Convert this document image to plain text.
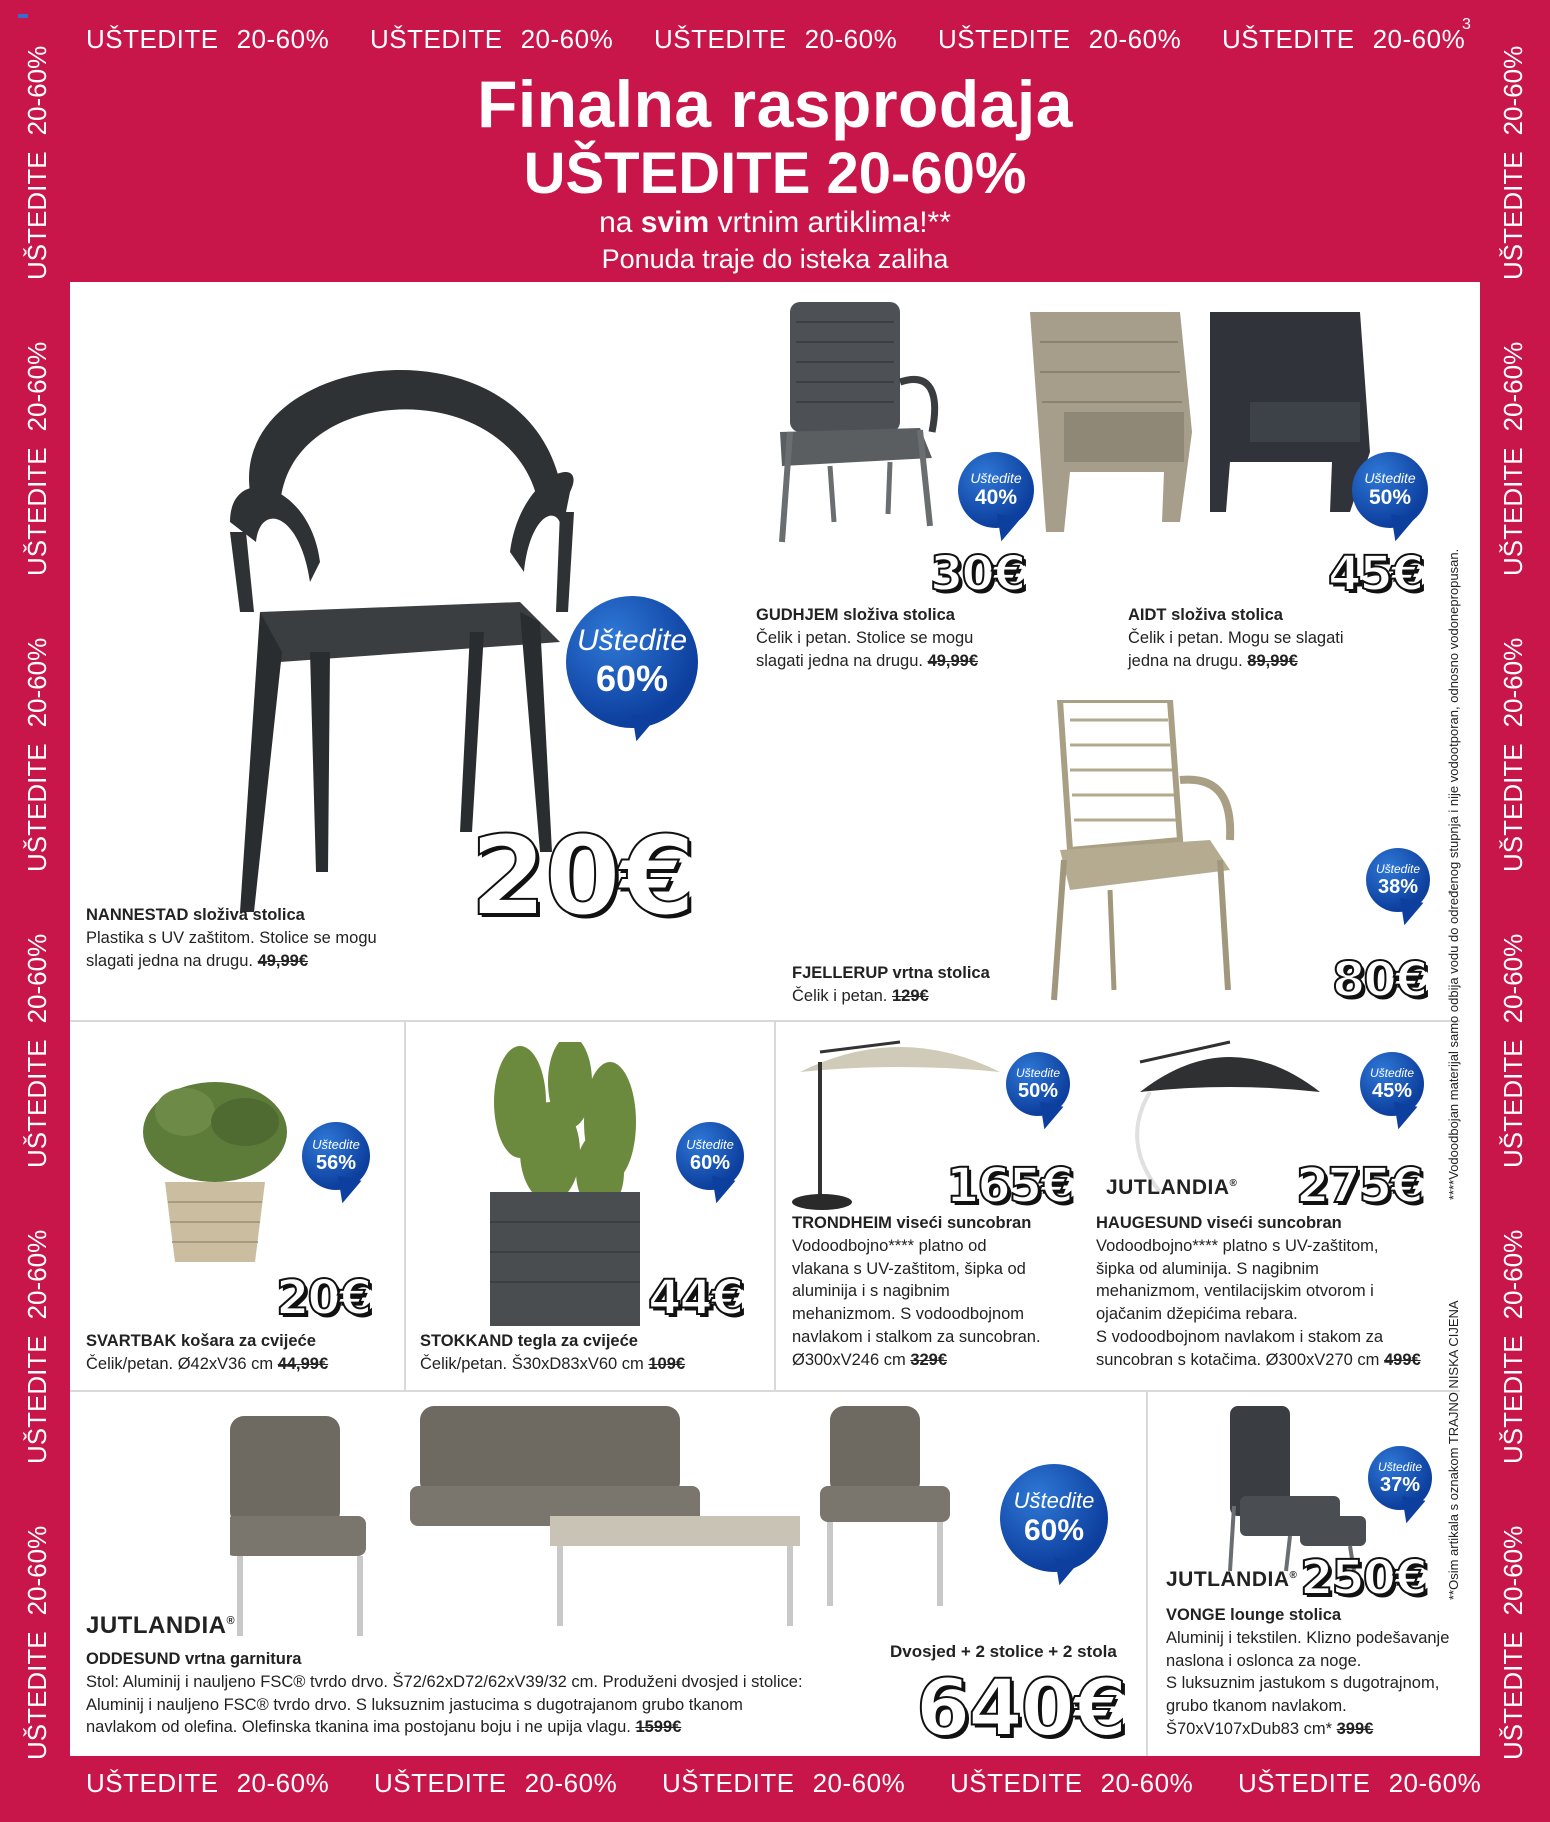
3
UŠTEDITE 20-60% UŠTEDITE 20-60% UŠTEDITE 20-60% UŠTEDITE 20-60% UŠTEDITE 20-60%
UŠTEDITE 20-60% UŠTEDITE 20-60% UŠTEDITE 20-60% UŠTEDITE 20-60% UŠTEDITE 20-60%
UŠTEDITE20-60%
UŠTEDITE20-60%
UŠTEDITE20-60%
UŠTEDITE20-60%
UŠTEDITE20-60%
UŠTEDITE20-60%
UŠTEDITE20-60%
UŠTEDITE20-60%
UŠTEDITE20-60%
UŠTEDITE20-60%
UŠTEDITE20-60%
UŠTEDITE20-60%
Finalna rasprodaja
UŠTEDITE 20-60%
na svim vrtnim artiklima!**
Ponuda traje do isteka zaliha
Uštedite
60%
20€
NANNESTAD složiva stolica
Plastika s UV zaštitom. Stolice se mogu
slagati jedna na drugu. 49,99€
Uštedite
40%
30€
GUDHJEM složiva stolica
Čelik i petan. Stolice se mogu
slagati jedna na drugu. 49,99€
Uštedite
50%
45€
AIDT složiva stolica
Čelik i petan. Mogu se slagati
jedna na drugu. 89,99€
Uštedite
38%
80€
FJELLERUP vrtna stolica
Čelik i petan. 129€
Uštedite
56%
20€
SVARTBAK košara za cvijeće
Čelik/petan. Ø42xV36 cm 44,99€
Uštedite
60%
44€
STOKKAND tegla za cvijeće
Čelik/petan. Š30xD83xV60 cm 109€
Uštedite
50%
165€
TRONDHEIM viseći suncobran
Vodoodbojno**** platno od
vlakana s UV-zaštitom, šipka od
aluminija i s nagibnim
mehanizmom. S vodoodbojnom
navlakom i stalkom za suncobran.
Ø300xV246 cm 329€
JUTLANDIA®
Uštedite
45%
275€
HAUGESUND viseći suncobran
Vodoodbojno**** platno s UV-zaštitom,
šipka od aluminija. S nagibnim
mehanizmom, ventilacijskim otvorom i
ojačanim džepićima rebara.
S vodoodbojnom navlakom i stakom za
suncobran s kotačima. Ø300xV270 cm 499€
JUTLANDIA®
Uštedite
60%
ODDESUND vrtna garnitura
Stol: Aluminij i nauljeno FSC® tvrdo drvo. Š72/62xD72/62xV39/32 cm. Produženi dvosjed i stolice:
Aluminij i nauljeno FSC® tvrdo drvo. S luksuznim jastucima s dugotrajanom grubo tkanom
navlakom od olefina. Olefinska tkanina ima postojanu boju i ne upija vlagu. 1599€
Dvosjed + 2 stolice + 2 stola
640€
JUTLANDIA®
Uštedite
37%
250€
VONGE lounge stolica
Aluminij i tekstilen. Klizno podešavanje
naslona i oslonca za noge.
S luksuznim jastukom s dugotrajnom,
grubo tkanom navlakom.
Š70xV107xDub83 cm* 399€
****Vodoodbojan materijal samo odbija vodu do određenog stupnja i nije vodootporan, odnosno vodonepropusan.
**Osim artikala s oznakom TRAJNO NISKA CIJENA
